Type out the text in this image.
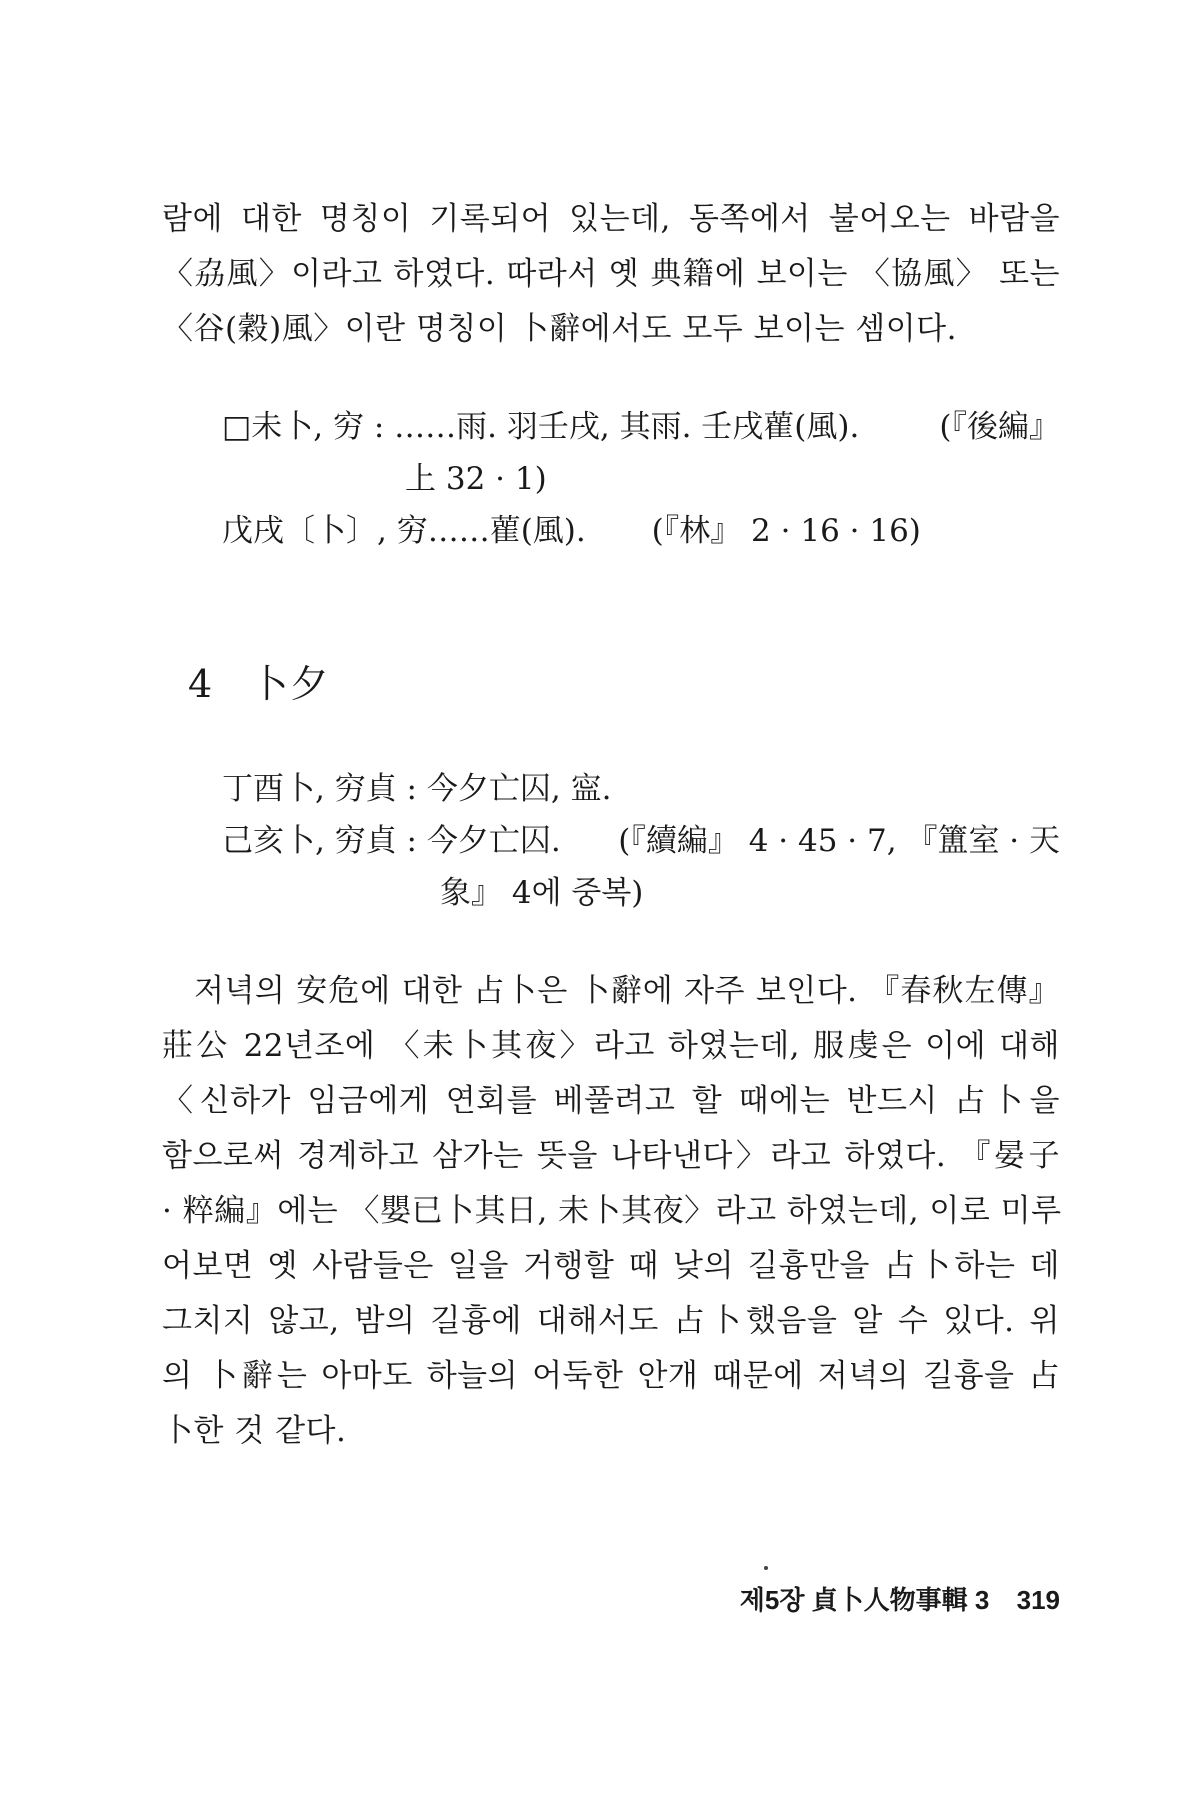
람에 대한 명칭이 기록되어 있는데, 동쪽에서 불어오는 바람을
〈劦風〉이라고 하였다. 따라서 옛 典籍에 보이는 〈協風〉 또는
〈谷(穀)風〉이란 명칭이 卜辭에서도 모두 보이는 셈이다.
□未卜, 穷 : ……雨. 羽壬戌, 其雨. 壬戌雚(風).	(『後編』
上 32 · 1)
戊戌〔卜〕, 穷……雚(風). (『林』 2 · 16 · 16)
4 卜夕
丁酉卜, 穷貞 : 今夕亡囚, 寍.
己亥卜, 穷貞 : 今夕亡囚. (『續編』 4 · 45 · 7, 『簠室 · 天
象』 4에 중복)
　저녁의 安危에 대한 占卜은 卜辭에 자주 보인다. 『春秋左傳』
莊公 22년조에 〈未卜其夜〉라고 하였는데, 服虔은 이에 대해
〈신하가 임금에게 연회를 베풀려고 할 때에는 반드시 占卜을
함으로써 경계하고 삼가는 뜻을 나타낸다〉라고 하였다. 『晏子
· 粹編』에는 〈嬰已卜其日, 未卜其夜〉라고 하였는데, 이로 미루
어보면 옛 사람들은 일을 거행할 때 낮의 길흉만을 占卜하는 데
그치지 않고, 밤의 길흉에 대해서도 占卜했음을 알 수 있다. 위
의 卜辭는 아마도 하늘의 어둑한 안개 때문에 저녁의 길흉을 占
卜한 것 같다.

제5장 貞卜人物事輯 3 319
